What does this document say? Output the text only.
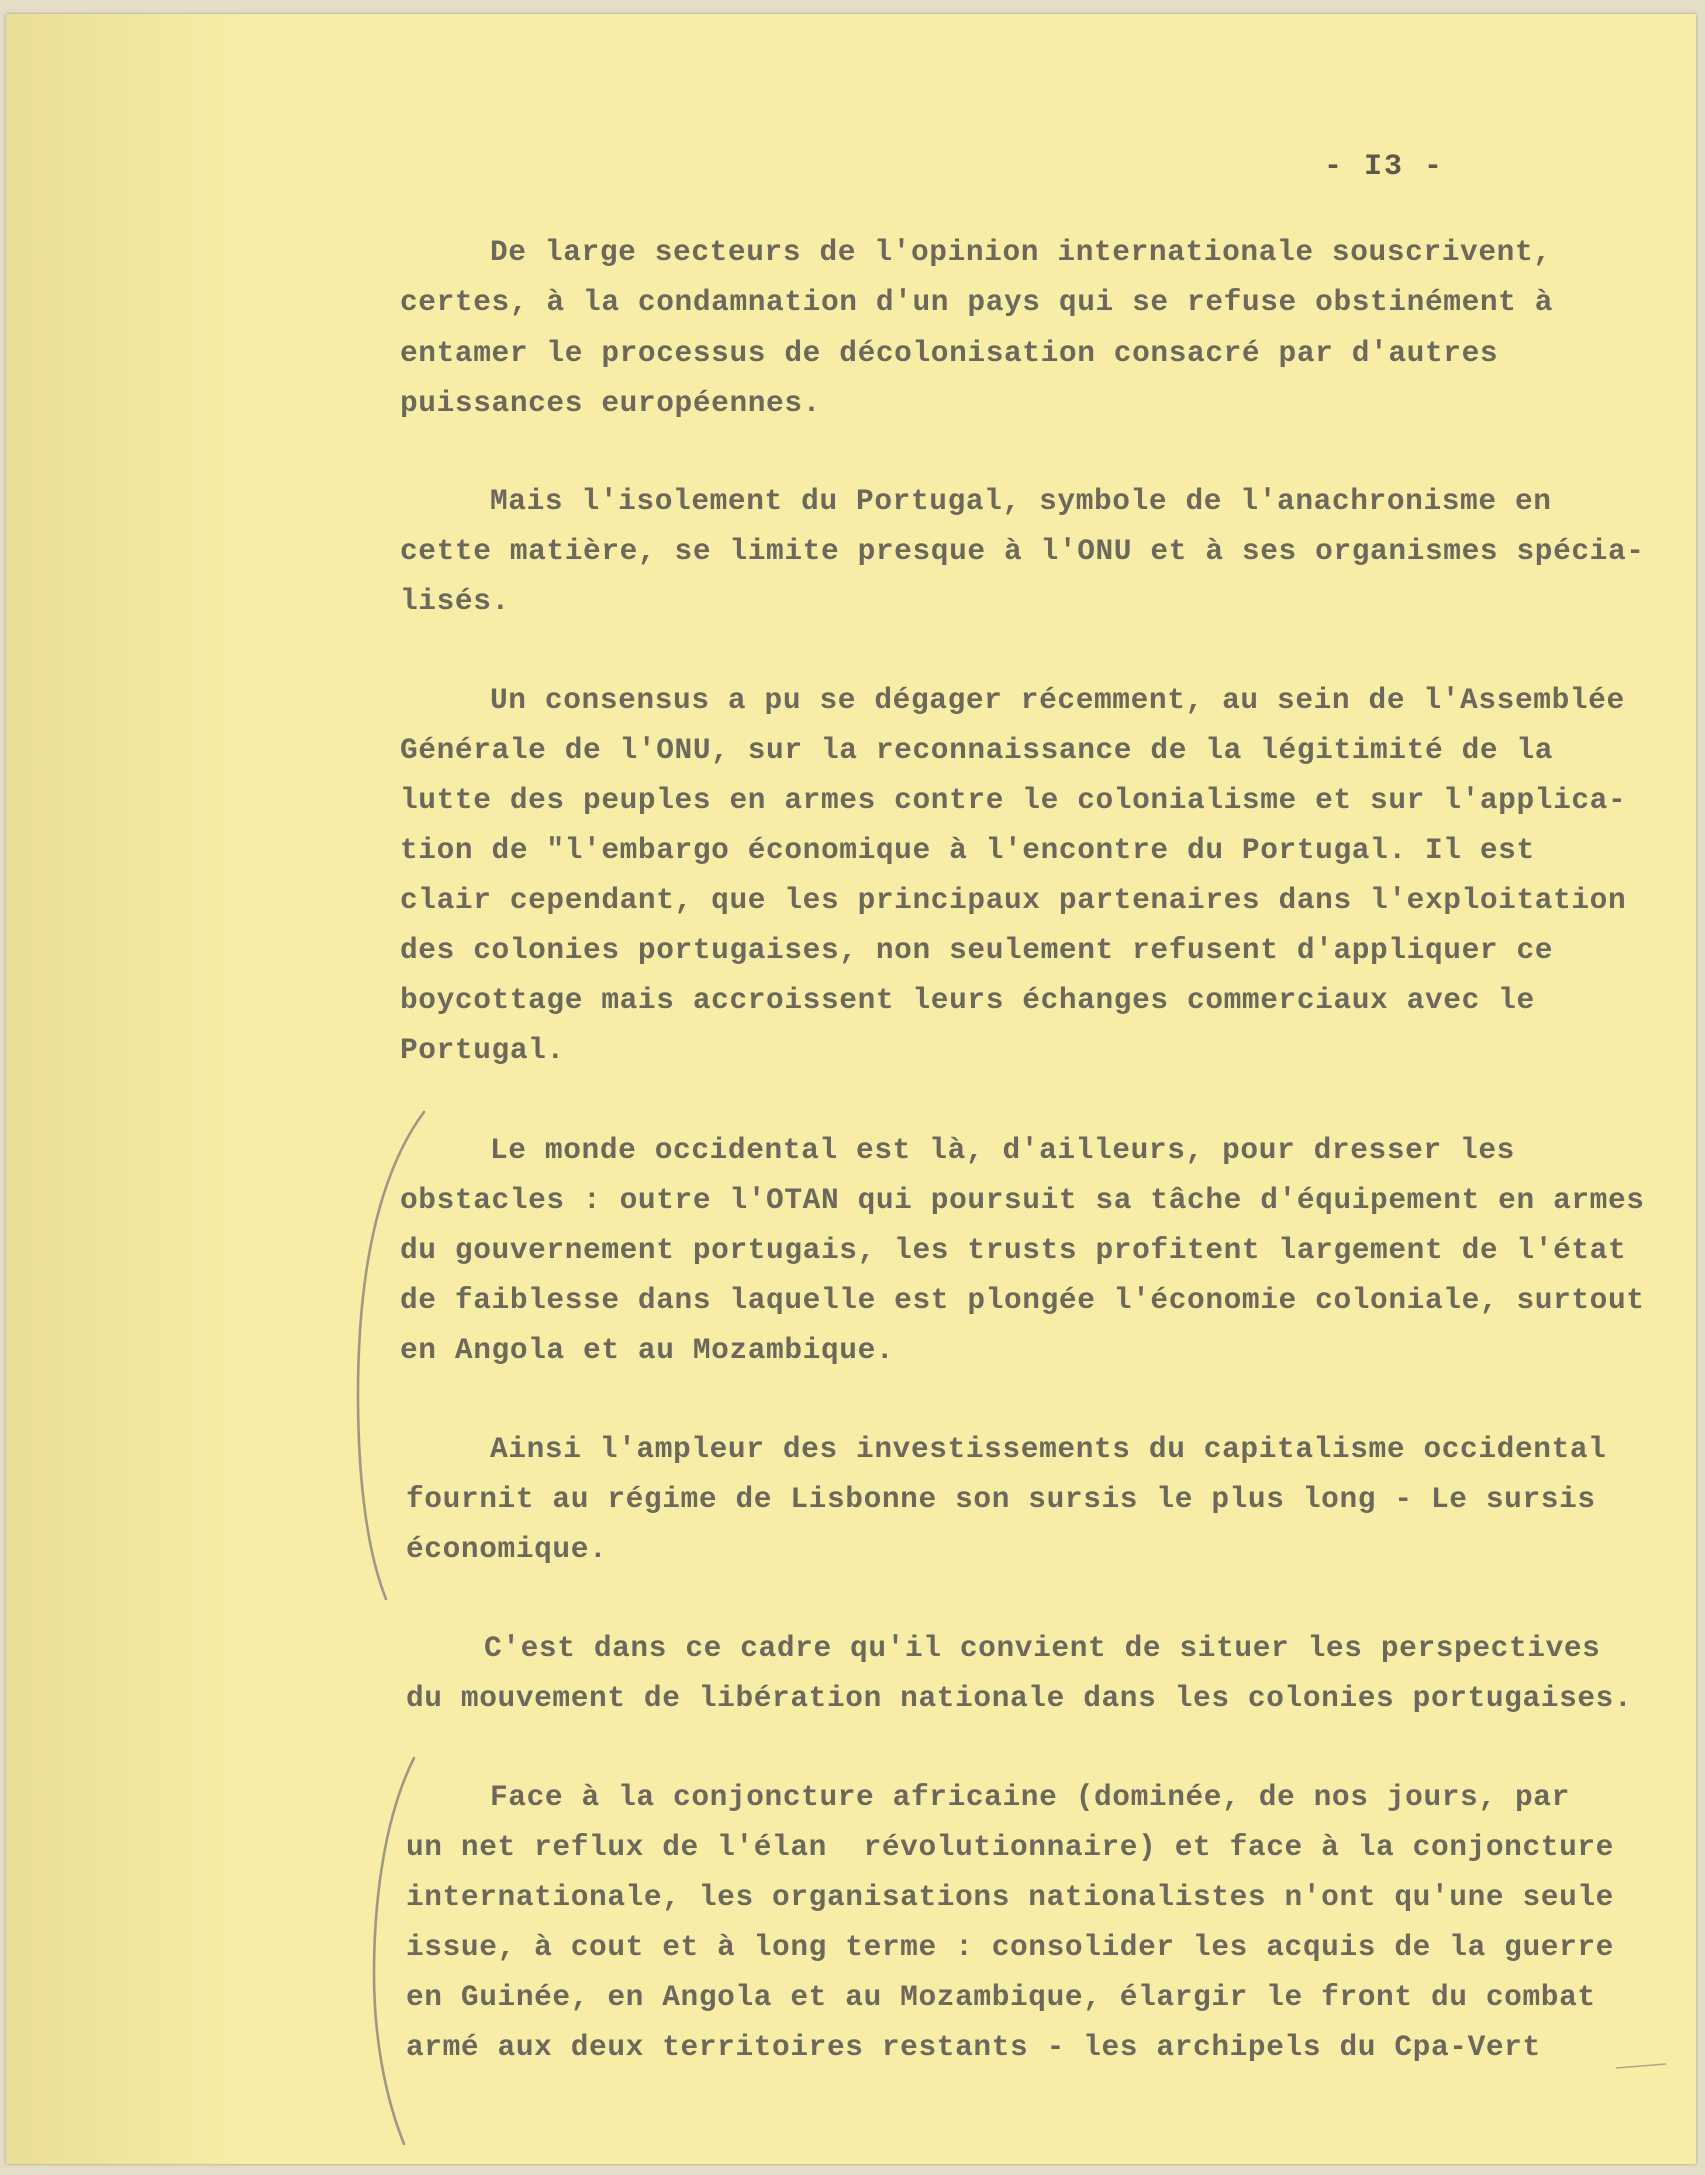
- I3 -

De large secteurs de l'opinion internationale souscrivent,

certes, à la condamnation d'un pays qui se refuse obstinément à

entamer le processus de décolonisation consacré par d'autres

puissances européennes.

Mais l'isolement du Portugal, symbole de l'anachronisme en

cette matière, se limite presque à l'ONU et à ses organismes spécia-

lisés.

Un consensus a pu se dégager récemment, au sein de l'Assemblée

Générale de l'ONU, sur la reconnaissance de la légitimité de la

lutte des peuples en armes contre le colonialisme et sur l'applica-

tion de "l'embargo économique à l'encontre du Portugal. Il est

clair cependant, que les principaux partenaires dans l'exploitation

des colonies portugaises, non seulement refusent d'appliquer ce

boycottage mais accroissent leurs échanges commerciaux avec le

Portugal.

Le monde occidental est là, d'ailleurs, pour dresser les

obstacles : outre l'OTAN qui poursuit sa tâche d'équipement en armes

du gouvernement portugais, les trusts profitent largement de l'état

de faiblesse dans laquelle est plongée l'économie coloniale, surtout

en Angola et au Mozambique.

Ainsi l'ampleur des investissements du capitalisme occidental

fournit au régime de Lisbonne son sursis le plus long - Le sursis

économique.

C'est dans ce cadre qu'il convient de situer les perspectives

du mouvement de libération nationale dans les colonies portugaises.

Face à la conjoncture africaine (dominée, de nos jours, par

un net reflux de l'élan  révolutionnaire) et face à la conjoncture

internationale, les organisations nationalistes n'ont qu'une seule

issue, à cout et à long terme : consolider les acquis de la guerre

en Guinée, en Angola et au Mozambique, élargir le front du combat

armé aux deux territoires restants - les archipels du Cpa-Vert
